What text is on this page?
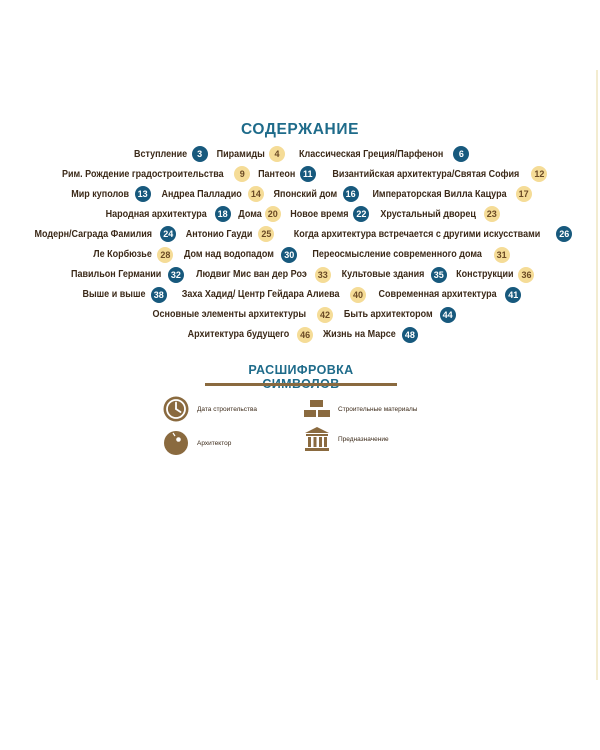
СОДЕРЖАНИЕ
Вступление	3	Пирамиды	4	Классическая Греция/Парфенон	6
Рим. Рождение градостроительства	9	Пантеон 11	Византийская архитектура/Святая София	12
Мир куполов 13	Андреа Палладио	14	Японский дом 16	Императорская Вилла Кацура	17
Народная архитектура	18	Дома 20	Новое время 22	Хрустальный дворец	23
Модерн/Саграда Фамилия	24	Антонио Гауди 25	Когда архитектура встречается с другими искусствами	26
Ле Корбюзье 28	Дом над водопадом	30	Переосмысление современного дома	31
Павильон Германии	32	Людвиг Мис ван дер Роэ	33	Культовые здания	35	Конструкции 36
Выше и выше 38	Заха Хадид/ Центр Гейдара Алиева	40	Современная архитектура	41
Основные элементы архитектуры	42	Быть архитектором	44
Архитектура будущего	46	Жизнь на Марсе	48
РАСШИФРОВКА
Дата строительства	Строительные материалы
Архитектор
Предназначение
